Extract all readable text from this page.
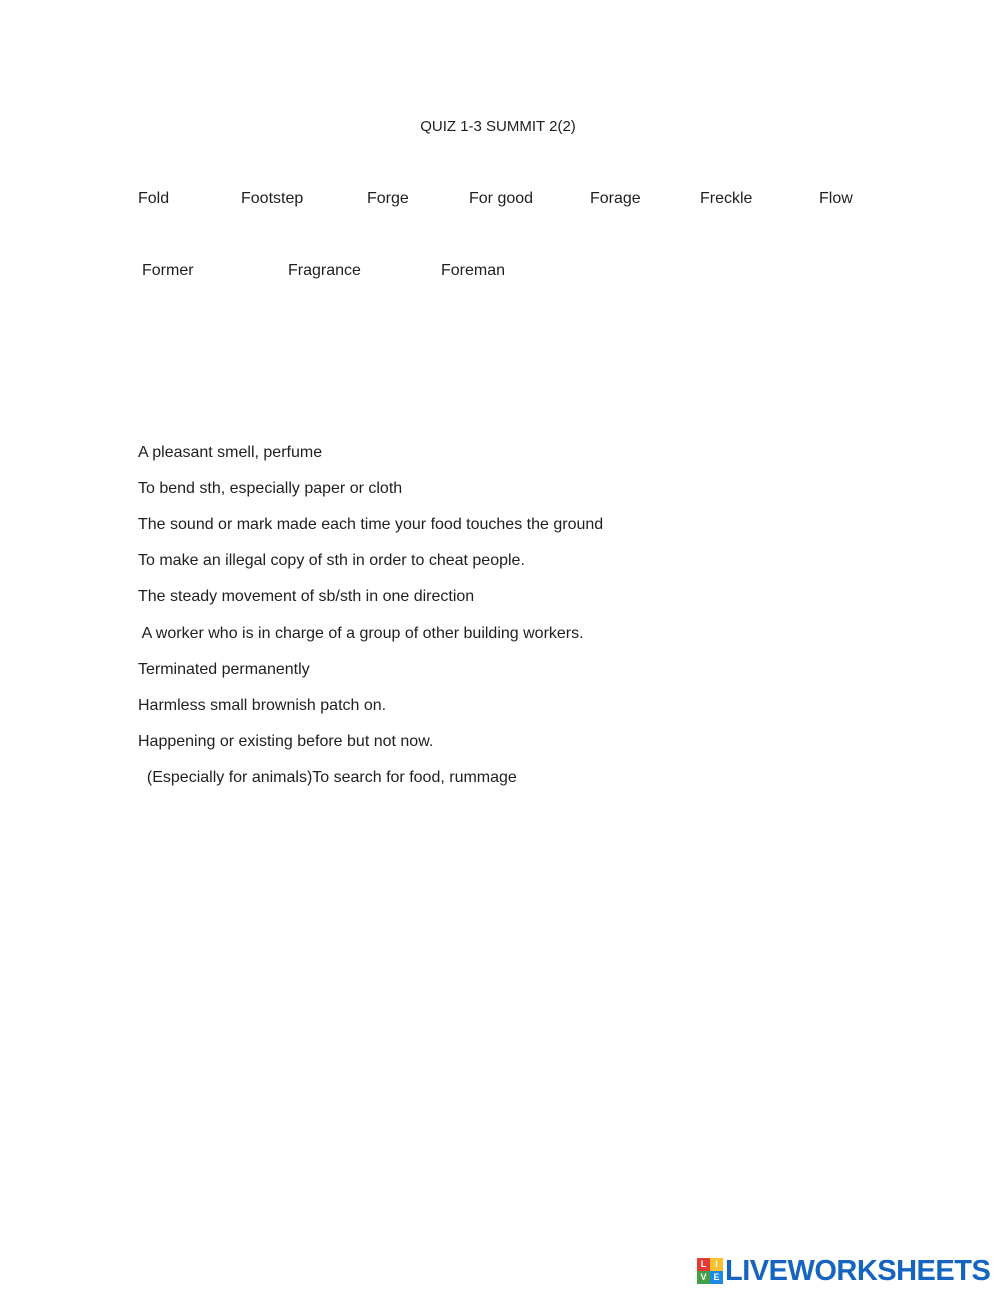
QUIZ 1-3 SUMMIT 2(2)
Fold	Footstep	Forge	For good	Forage	Freckle	Flow
Former	Fragrance	Foreman
A pleasant smell, perfume
To bend sth, especially paper or cloth
The sound or mark made each time your food touches the ground
To make an illegal copy of sth in order to cheat people.
The steady movement of sb/sth in one direction
A worker who is in charge of a group of other building workers.
Terminated permanently
Harmless small brownish patch on.
Happening or existing before but not now.
(Especially for animals)To search for food, rummage
L I
V E LIVEWORKSHEETS
